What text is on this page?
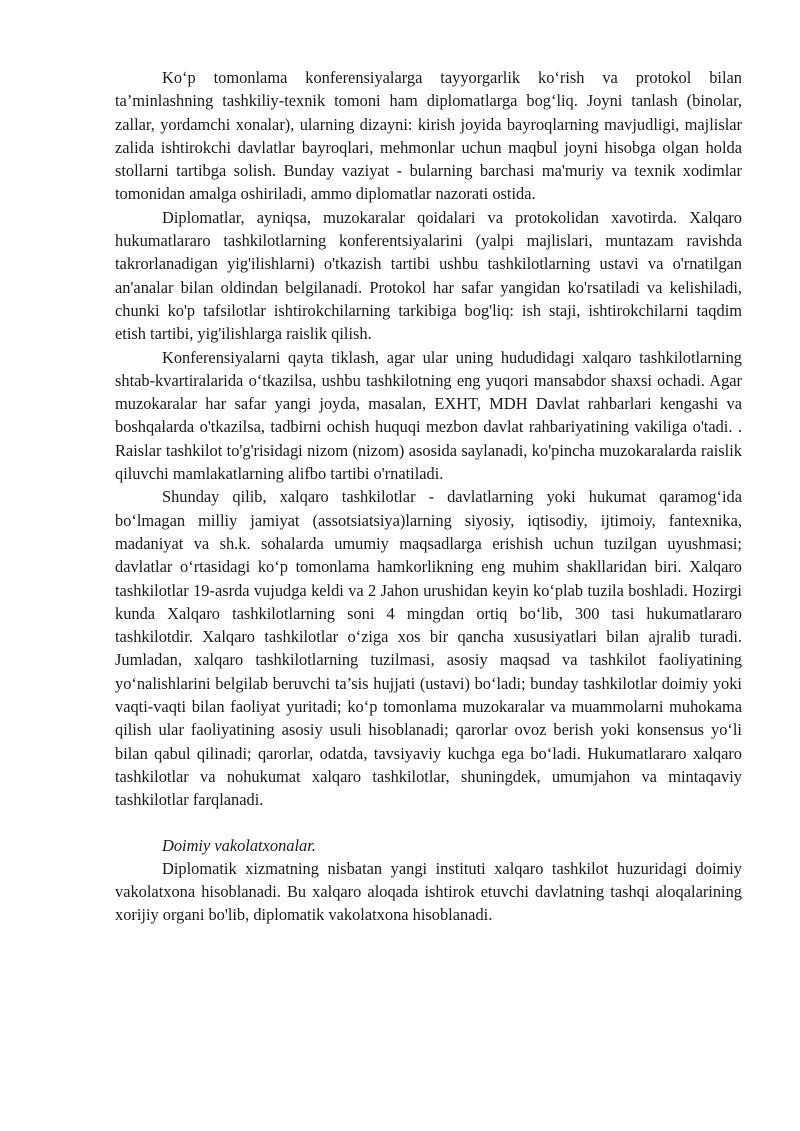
Ko‘p tomonlama konferensiyalarga tayyorgarlik ko‘rish va protokol bilan ta’minlashning tashkiliy-texnik tomoni ham diplomatlarga bog‘liq. Joyni tanlash (binolar, zallar, yordamchi xonalar), ularning dizayni: kirish joyida bayroqlarning mavjudligi, majlislar zalida ishtirokchi davlatlar bayroqlari, mehmonlar uchun maqbul joyni hisobga olgan holda stollarni tartibga solish. Bunday vaziyat - bularning barchasi ma'muriy va texnik xodimlar tomonidan amalga oshiriladi, ammo diplomatlar nazorati ostida.

Diplomatlar, ayniqsa, muzokaralar qoidalari va protokolidan xavotirda. Xalqaro hukumatlararo tashkilotlarning konferentsiyalarini (yalpi majlislari, muntazam ravishda takrorlanadigan yig'ilishlarni) o'tkazish tartibi ushbu tashkilotlarning ustavi va o'rnatilgan an'analar bilan oldindan belgilanadi. Protokol har safar yangidan ko'rsatiladi va kelishiladi, chunki ko'p tafsilotlar ishtirokchilarning tarkibiga bog'liq: ish staji, ishtirokchilarni taqdim etish tartibi, yig'ilishlarga raislik qilish.

Konferensiyalarni qayta tiklash, agar ular uning hududidagi xalqaro tashkilotlarning shtab-kvartiralarida o‘tkazilsa, ushbu tashkilotning eng yuqori mansabdor shaxsi ochadi. Agar muzokaralar har safar yangi joyda, masalan, EXHT, MDH Davlat rahbarlari kengashi va boshqalarda o'tkazilsa, tadbirni ochish huquqi mezbon davlat rahbariyatining vakiliga o'tadi. . Raislar tashkilot to'g'risidagi nizom (nizom) asosida saylanadi, ko'pincha muzokaralarda raislik qiluvchi mamlakatlarning alifbo tartibi o'rnatiladi.

Shunday qilib, xalqaro tashkilotlar - davlatlarning yoki hukumat qaramog‘ida bo‘lmagan milliy jamiyat (assotsiatsiya)larning siyosiy, iqtisodiy, ijtimoiy, fantexnika, madaniyat va sh.k. sohalarda umumiy maqsadlarga erishish uchun tuzilgan uyushmasi; davlatlar o‘rtasidagi ko‘p tomonlama hamkorlikning eng muhim shakllaridan biri. Xalqaro tashkilotlar 19-asrda vujudga keldi va 2 Jahon urushidan keyin ko‘plab tuzila boshladi. Hozirgi kunda Xalqaro tashkilotlarning soni 4 mingdan ortiq bo‘lib, 300 tasi hukumatlararo tashkilotdir. Xalqaro tashkilotlar o‘ziga xos bir qancha xususiyatlari bilan ajralib turadi. Jumladan, xalqaro tashkilotlarning tuzilmasi, asosiy maqsad va tashkilot faoliyatining yo‘nalishlarini belgilab beruvchi ta’sis hujjati (ustavi) bo‘ladi; bunday tashkilotlar doimiy yoki vaqti-vaqti bilan faoliyat yuritadi; ko‘p tomonlama muzokaralar va muammolarni muhokama qilish ular faoliyatining asosiy usuli hisoblanadi; qarorlar ovoz berish yoki konsensus yo‘li bilan qabul qilinadi; qarorlar, odatda, tavsiyaviy kuchga ega bo‘ladi. Hukumatlararo xalqaro tashkilotlar va nohukumat xalqaro tashkilotlar, shuningdek, umumjahon va mintaqaviy tashkilotlar farqlanadi.

Doimiy vakolatxonalar.

Diplomatik xizmatning nisbatan yangi instituti xalqaro tashkilot huzuridagi doimiy vakolatxona hisoblanadi. Bu xalqaro aloqada ishtirok etuvchi davlatning tashqi aloqalarining xorijiy organi bo'lib, diplomatik vakolatxona hisoblanadi.
